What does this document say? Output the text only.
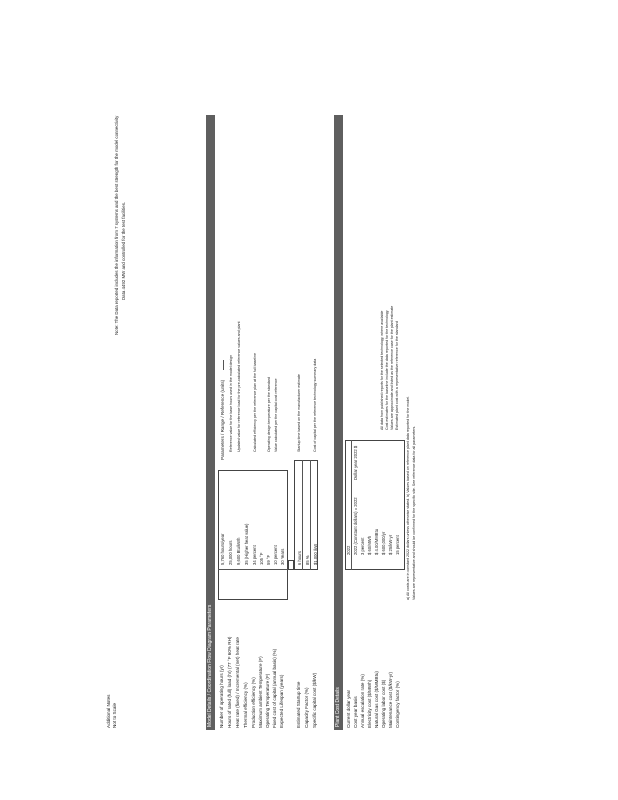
Note: The Data reported includes the information from 7 systems and the best strength for the model connectivity Data 4492 MW and controlled for the test facilities.
Additional Notes Not to Scale	Model Details / Coordination Flow Diagram Parameters
Parameters / Range / Reference (units)
Number of operating hours (yr)
5,760 hours/year
Hours of rated (full) load (hr) (77 °F 60% RH)
25,000 hours
Reference value for the base hours used in the model design
Heat rate (fixed) / Incremental (net) heat rate
9,600 Btu/kWh
Updated value for reference load for the pre-calculated reference values and plant
Thermal efficiency (%)
35 (Higher heat value)
Production efficiency (%)
34 percent
Calculated efficiency per the reference plan at the full baseline
Maximum ambient Temperature (F)
105 °F
Operating Temperature (F)
59 °F
Operating design temperature per the standard
Fixed cost of capital (annual basis) (%)
10 percent
Value calculated per the capital cost reference
Expected Lifespan (years)
30 Years
Estimated Startup time
6 hours
Startup time based on the manufacturer estimate
Capacity Factor (%)
85 %
Specific capital cost ($/kW)
$1,000 /kW
Cost of capital per the reference technology summary data
Plant Cost Details	Current dollar year
2022
Cost year basis
2022 (Constant dollars) = 2022
Dollar year 2022 $
Annual escalation rate (%)
3 percent
Electricity cost ($/MWh)
$ 60/MWh
Natural Gas cost ($/MMBtu)
$ 4.00/MMBtu
Operating labor cost ($)
$ 600,000/yr
Maintenance cost ($/kW-yr)
$ 25/kW-yr
Contingency factor (%)
15 percent
All data from published reports for the selected technology, where available Cost estimates for the baseline include the data reported for the technology Values are approximate and listed as the reference case for the plant estimate Estimated plant cost with a representative reference for the standard
a) All costs are in constant 2022 dollars unless otherwise stated. b) Values based on reference plant data reported for the model. Values are representative and should be confirmed for the specific site. See reference data for all parameters.
